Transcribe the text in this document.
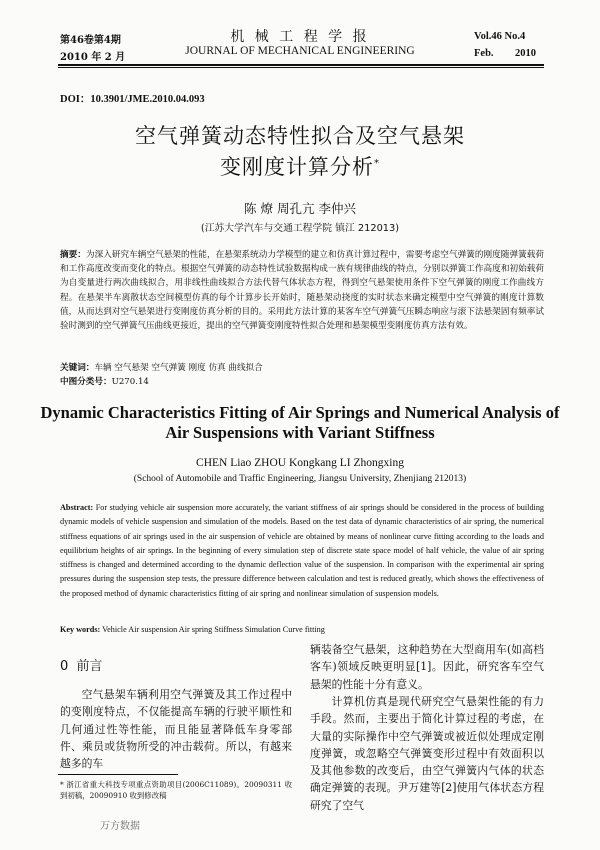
第46卷第4期
2010 年 2 月
机 械 工 程 学 报
JOURNAL OF MECHANICAL ENGINEERING
Vol.46 No.4
Feb. 2010
DOI：10.3901/JME.2010.04.093
空气弹簧动态特性拟合及空气悬架
变刚度计算分析*
陈 燎 周孔亢 李仲兴
(江苏大学汽车与交通工程学院 镇江 212013)
摘要：为深入研究车辆空气悬架的性能，在悬架系统动力学模型的建立和仿真计算过程中，需要考虑空气弹簧的刚度随弹簧载荷和工作高度改变而变化的特点。根据空气弹簧的动态特性试验数据构成一族有规律曲线的特点，分别以弹簧工作高度和初始载荷为自变量进行两次曲线拟合，用非线性曲线拟合方法代替气体状态方程，得到空气悬架使用条件下空气弹簧的刚度工作曲线方程。在悬架半车离散状态空间模型仿真的每个计算步长开始时，随悬架动挠度的实时状态来确定模型中空气弹簧的刚度计算数值，从而达到对空气悬架进行变刚度仿真分析的目的。采用此方法计算的某客车空气弹簧气压瞬态响应与滚下法悬架固有频率试验时测到的空气弹簧气压曲线更接近，提出的空气弹簧变刚度特性拟合处理和悬架模型变刚度仿真方法有效。
关键词：车辆 空气悬架 空气弹簧 刚度 仿真 曲线拟合
中图分类号：U270.14
Dynamic Characteristics Fitting of Air Springs and Numerical Analysis of
Air Suspensions with Variant Stiffness
CHEN Liao ZHOU Kongkang LI Zhongxing
(School of Automobile and Traffic Engineering, Jiangsu University, Zhenjiang 212013)
Abstract: For studying vehicle air suspension more accurately, the variant stiffness of air springs should be considered in the process of building dynamic models of vehicle suspension and simulation of the models. Based on the test data of dynamic characteristics of air spring, the numerical stiffness equations of air springs used in the air suspension of vehicle are obtained by means of nonlinear curve fitting according to the loads and equilibrium heights of air springs. In the beginning of every simulation step of discrete state space model of half vehicle, the value of air spring stiffness is changed and determined according to the dynamic deflection value of the suspension. In comparison with the experimental air spring pressures during the suspension step tests, the pressure difference between calculation and test is reduced greatly, which shows the effectiveness of the proposed method of dynamic characteristics fitting of air spring and nonlinear simulation of suspension models.
Key words: Vehicle Air suspension Air spring Stiffness Simulation Curve fitting
0 前言
空气悬架车辆利用空气弹簧及其工作过程中的变刚度特点，不仅能提高车辆的行驶平顺性和几何通过性等性能，而且能显著降低车身零部件、乘员或货物所受的冲击载荷。所以，有越来越多的车
* 浙江省重大科技专项重点资助项目(2006C11089)。20090311 收到初稿，20090910 收到修改稿
辆装备空气悬架，这种趋势在大型商用车(如高档客车)领域反映更明显[1]。因此，研究客车空气悬架的性能十分有意义。
计算机仿真是现代研究空气悬架性能的有力手段。然而，主要出于简化计算过程的考虑，在大量的实际操作中空气弹簧或被近似处理成定刚度弹簧，或忽略空气弹簧变形过程中有效面积以及其他参数的改变后，由空气弹簧内气体的状态确定弹簧的表现。尹万建等[2]使用气体状态方程研究了空气
万方数据
